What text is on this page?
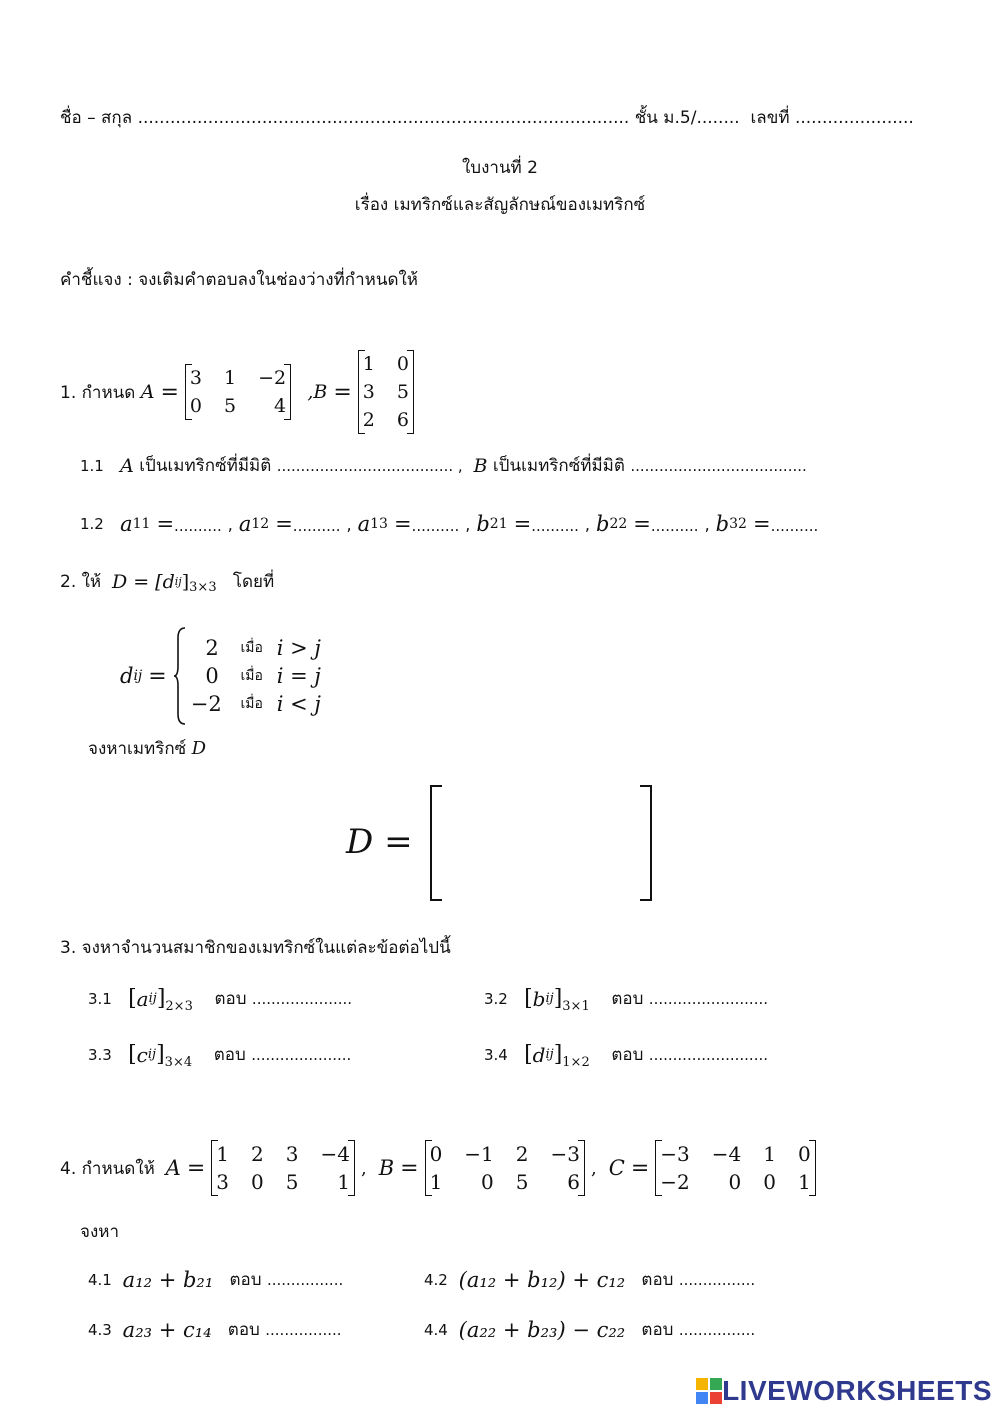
ชื่อ – สกุล
...........................................................................................
ชั้น ม.5/ ........
เลขที่
......................
ใบงานที่ 2
เรื่อง เมทริกซ์และสัญลักษณ์ของเมทริกซ์
คำชี้แจง : จงเติมคำตอบลงในช่องว่างที่กำหนดให้
1. กำหนด
A =
3 1 −2
0 5	4

,B =
1 0
3 5
2 6
1.1
A
เป็นเมทริกซ์ที่มีมิติ
..................................... ,
B
เป็นเมทริกซ์ที่มีมิติ
.....................................
1.2
a 11 =.......... , a 12 =.......... , a 13 =.......... , b 21 =.......... , b 22 =.......... , b 32 =..........
2. ให้
D = [d ij ]$_{3\times 3}$
โดยที่
d ij =
2	เมื่อ i > j
0	เมื่อ i = j
−2	เมื่อ i < j
จงหาเมทริกซ์
D
D =
3. จงหาจำนวนสมาชิกของเมทริกซ์ในแต่ละข้อต่อไปนี้
3.1
[ a ij ]$_{2\times 3}$
ตอบ
.....................	3.2
[ b ij ]$_{3\times 1}$
ตอบ
.........................
3.3
[ c ij ]$_{3\times 4}$
ตอบ
.....................	3.4
[ d ij ]$_{1\times 2}$
ตอบ
.........................
4. กำหนดให้
A =
1 2 3 −4
3 0 5	1
, B =
0 −1 2 −3
1	0 5	6
, C =
−3 −4 1 0
−2	0 0 1
จงหา
4.1
a₁₂ + b₂₁
ตอบ
................	4.2
(a₁₂ + b₁₂) + c₁₂
ตอบ
................
4.3
a₂₃ + c₁₄
ตอบ
................	4.4
(a₂₂ + b₂₃) − c₂₂
ตอบ
................
LIVEWORKSHEETS
